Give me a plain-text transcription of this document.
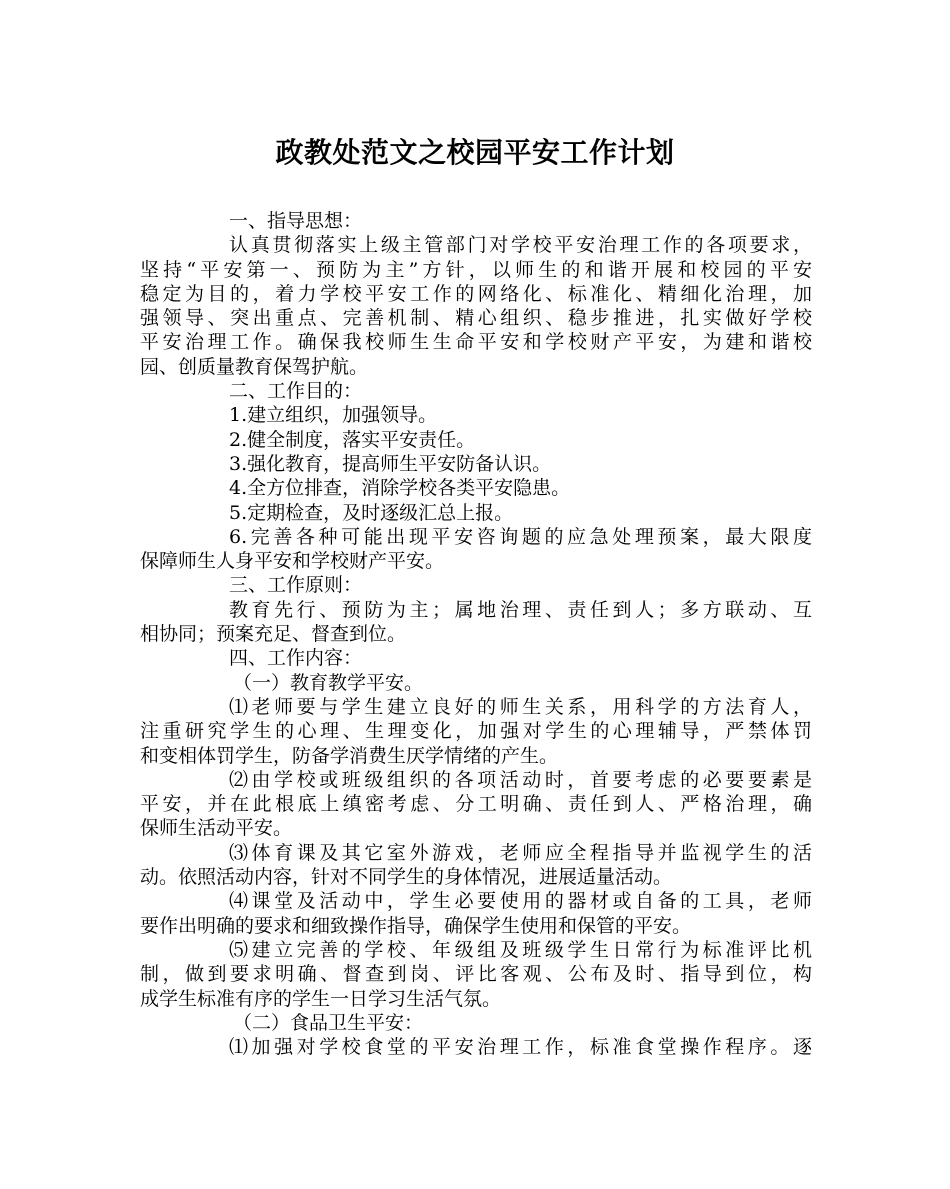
政教处范文之校园平安工作计划
一、指导思想：
认真贯彻落实上级主管部门对学校平安治理工作的各项要求，
坚持“平安第一、预防为主”方针，以师生的和谐开展和校园的平安
稳定为目的，着力学校平安工作的网络化、标准化、精细化治理，加
强领导、突出重点、完善机制、精心组织、稳步推进，扎实做好学校
平安治理工作。确保我校师生生命平安和学校财产平安，为建和谐校
园、创质量教育保驾护航。
二、工作目的：
1.建立组织，加强领导。
2.健全制度，落实平安责任。
3.强化教育，提高师生平安防备认识。
4.全方位排查，消除学校各类平安隐患。
5.定期检查，及时逐级汇总上报。
6.完善各种可能出现平安咨询题的应急处理预案，最大限度
保障师生人身平安和学校财产平安。
三、工作原则：
教育先行、预防为主；属地治理、责任到人；多方联动、互
相协同；预案充足、督查到位。
四、工作内容：
（一）教育教学平安。
⑴老师要与学生建立良好的师生关系，用科学的方法育人，
注重研究学生的心理、生理变化，加强对学生的心理辅导，严禁体罚
和变相体罚学生，防备学消费生厌学情绪的产生。
⑵由学校或班级组织的各项活动时，首要考虑的必要要素是
平安，并在此根底上缜密考虑、分工明确、责任到人、严格治理，确
保师生活动平安。
⑶体育课及其它室外游戏，老师应全程指导并监视学生的活
动。依照活动内容，针对不同学生的身体情况，进展适量活动。
⑷课堂及活动中，学生必要使用的器材或自备的工具，老师
要作出明确的要求和细致操作指导，确保学生使用和保管的平安。
⑸建立完善的学校、年级组及班级学生日常行为标准评比机
制，做到要求明确、督查到岗、评比客观、公布及时、指导到位，构
成学生标准有序的学生一日学习生活气氛。
（二）食品卫生平安：
⑴加强对学校食堂的平安治理工作，标准食堂操作程序。逐
